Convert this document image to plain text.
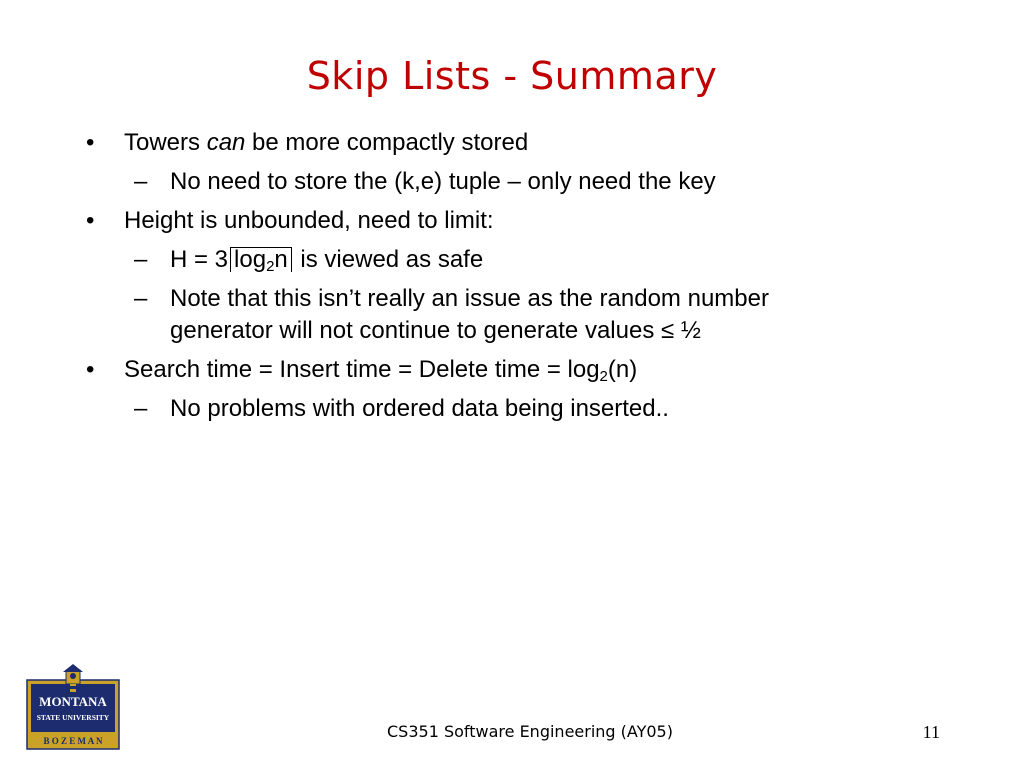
Skip Lists - Summary
• Towers can be more compactly stored
– No need to store the (k,e) tuple – only need the key
• Height is unbounded, need to limit:
– H = 3 $\log_2n$ is viewed as safe
– Note that this isn’t really an issue as the random number
generator will not continue to generate values ≤ ½
• Search time = Insert time = Delete time = $\log_2(n)$
– No problems with ordered data being inserted..
MONTANA
STATE UNIVERSITY
B O Z E M A N	CS351 Software Engineering (AY05)	11
